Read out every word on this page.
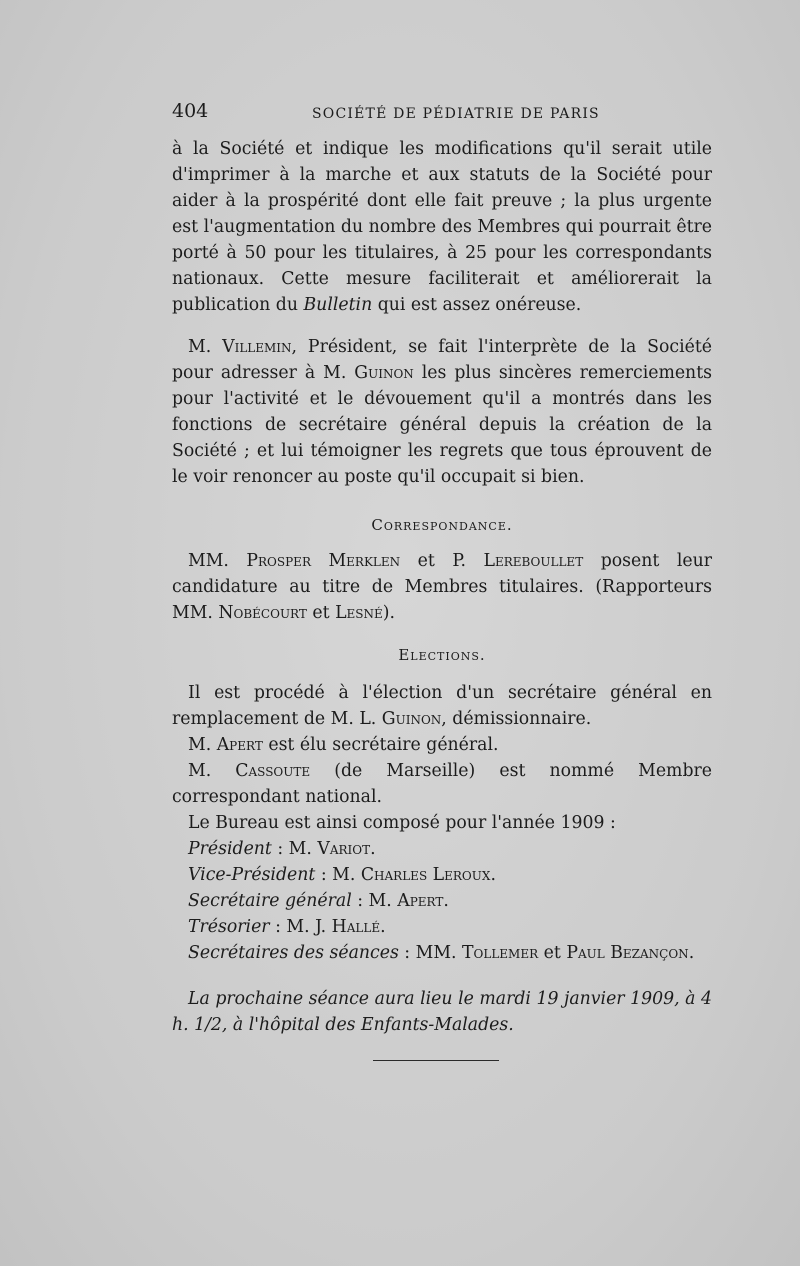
404	SOCIÉTÉ DE PÉDIATRIE DE PARIS

à la Société et indique les modifications qu'il serait utile d'imprimer à la marche et aux statuts de la Société pour aider à la prospérité dont elle fait preuve ; la plus urgente est l'augmentation du nombre des Membres qui pourrait être porté à 50 pour les titulaires, à 25 pour les correspondants nationaux. Cette mesure faciliterait et améliorerait la publication du Bulletin qui est assez onéreuse.

M. Villemin, Président, se fait l'interprète de la Société pour adresser à M. Guinon les plus sincères remerciements pour l'activité et le dévouement qu'il a montrés dans les fonctions de secrétaire général depuis la création de la Société ; et lui témoigner les regrets que tous éprouvent de le voir renoncer au poste qu'il occupait si bien.

Correspondance.

MM. Prosper Merklen et P. Lereboullet posent leur candidature au titre de Membres titulaires. (Rapporteurs MM. Nobécourt et Lesné).

Elections.

Il est procédé à l'élection d'un secrétaire général en remplacement de M. L. Guinon, démissionnaire.

M. Apert est élu secrétaire général.

M. Cassoute (de Marseille) est nommé Membre correspondant national.

Le Bureau est ainsi composé pour l'année 1909 :

Président : M. Variot.

Vice-Président : M. Charles Leroux.

Secrétaire général : M. Apert.

Trésorier : M. J. Hallé.

Secrétaires des séances : MM. Tollemer et Paul Bezançon.

La prochaine séance aura lieu le mardi 19 janvier 1909, à 4 h. 1/2, à l'hôpital des Enfants-Malades.
